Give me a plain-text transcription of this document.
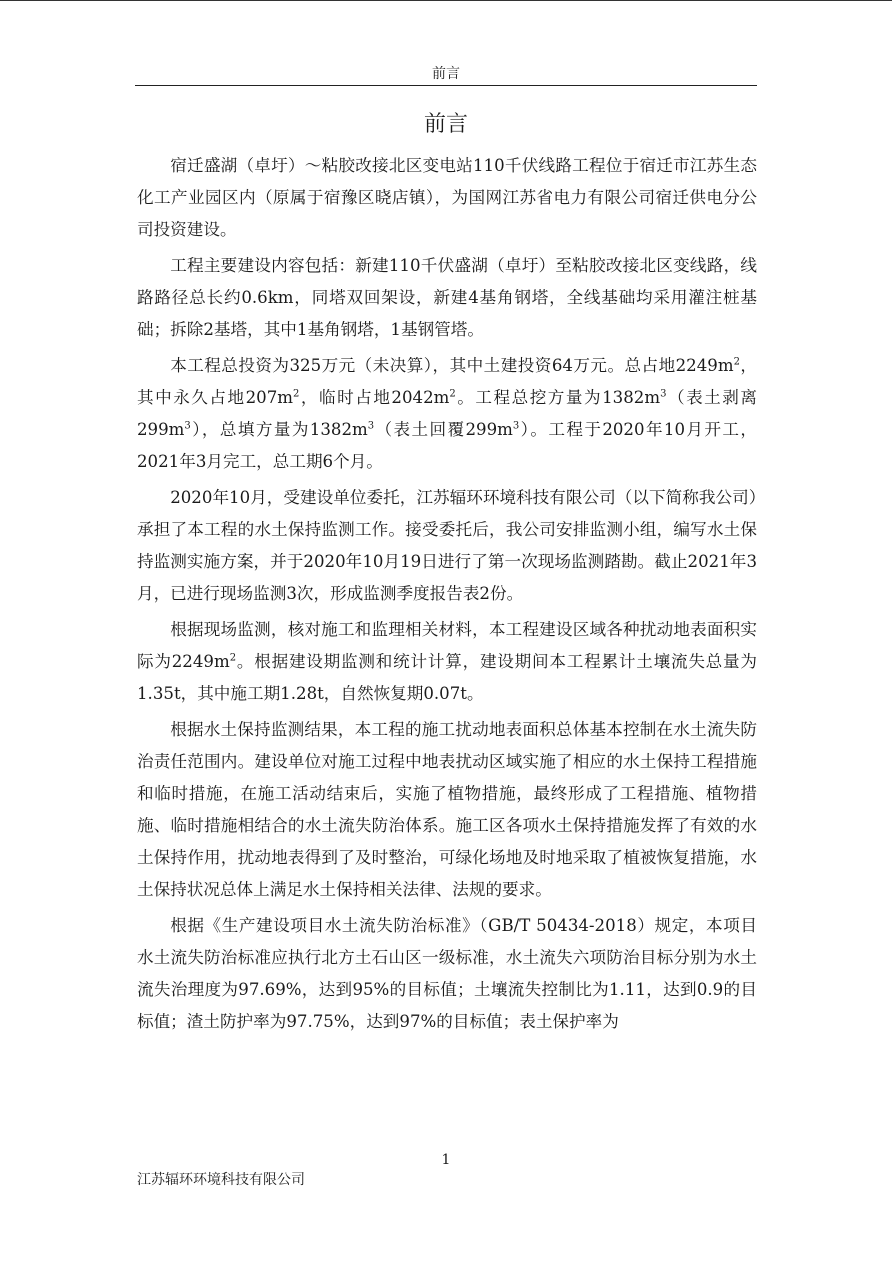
前言
前言

宿迁盛湖（卓圩）～粘胶改接北区变电站110千伏线路工程位于宿迁市江苏生态化工产业园区内（原属于宿豫区晓店镇），为国网江苏省电力有限公司宿迁供电分公司投资建设。

工程主要建设内容包括：新建110千伏盛湖（卓圩）至粘胶改接北区变线路，线路路径总长约0.6km，同塔双回架设，新建4基角钢塔，全线基础均采用灌注桩基础；拆除2基塔，其中1基角钢塔，1基钢管塔。

本工程总投资为325万元（未决算），其中土建投资64万元。总占地$2249m^2$，其中永久占地$207m^2$，临时占地$2042m^2$。工程总挖方量为$1382m^3$（表土剥离$299m^3$），总填方量为$1382m^3$（表土回覆$299m^3$）。工程于2020年10月开工，2021年3月完工，总工期6个月。

2020年10月，受建设单位委托，江苏辐环环境科技有限公司（以下简称我公司）承担了本工程的水土保持监测工作。接受委托后，我公司安排监测小组，编写水土保持监测实施方案，并于2020年10月19日进行了第一次现场监测踏勘。截止2021年3月，已进行现场监测3次，形成监测季度报告表2份。

根据现场监测，核对施工和监理相关材料，本工程建设区域各种扰动地表面积实际为$2249m^2$。根据建设期监测和统计计算，建设期间本工程累计土壤流失总量为1.35t，其中施工期1.28t，自然恢复期0.07t。

根据水土保持监测结果，本工程的施工扰动地表面积总体基本控制在水土流失防治责任范围内。建设单位对施工过程中地表扰动区域实施了相应的水土保持工程措施和临时措施，在施工活动结束后，实施了植物措施，最终形成了工程措施、植物措施、临时措施相结合的水土流失防治体系。施工区各项水土保持措施发挥了有效的水土保持作用，扰动地表得到了及时整治，可绿化场地及时地采取了植被恢复措施，水土保持状况总体上满足水土保持相关法律、法规的要求。

根据《生产建设项目水土流失防治标准》（GB/T 50434-2018）规定，本项目水土流失防治标准应执行北方土石山区一级标准，水土流失六项防治目标分别为水土流失治理度为97.69%，达到95%的目标值；土壤流失控制比为1.11，达到0.9的目标值；渣土防护率为97.75%，达到97%的目标值；表土保护率为

1
江苏辐环环境科技有限公司
